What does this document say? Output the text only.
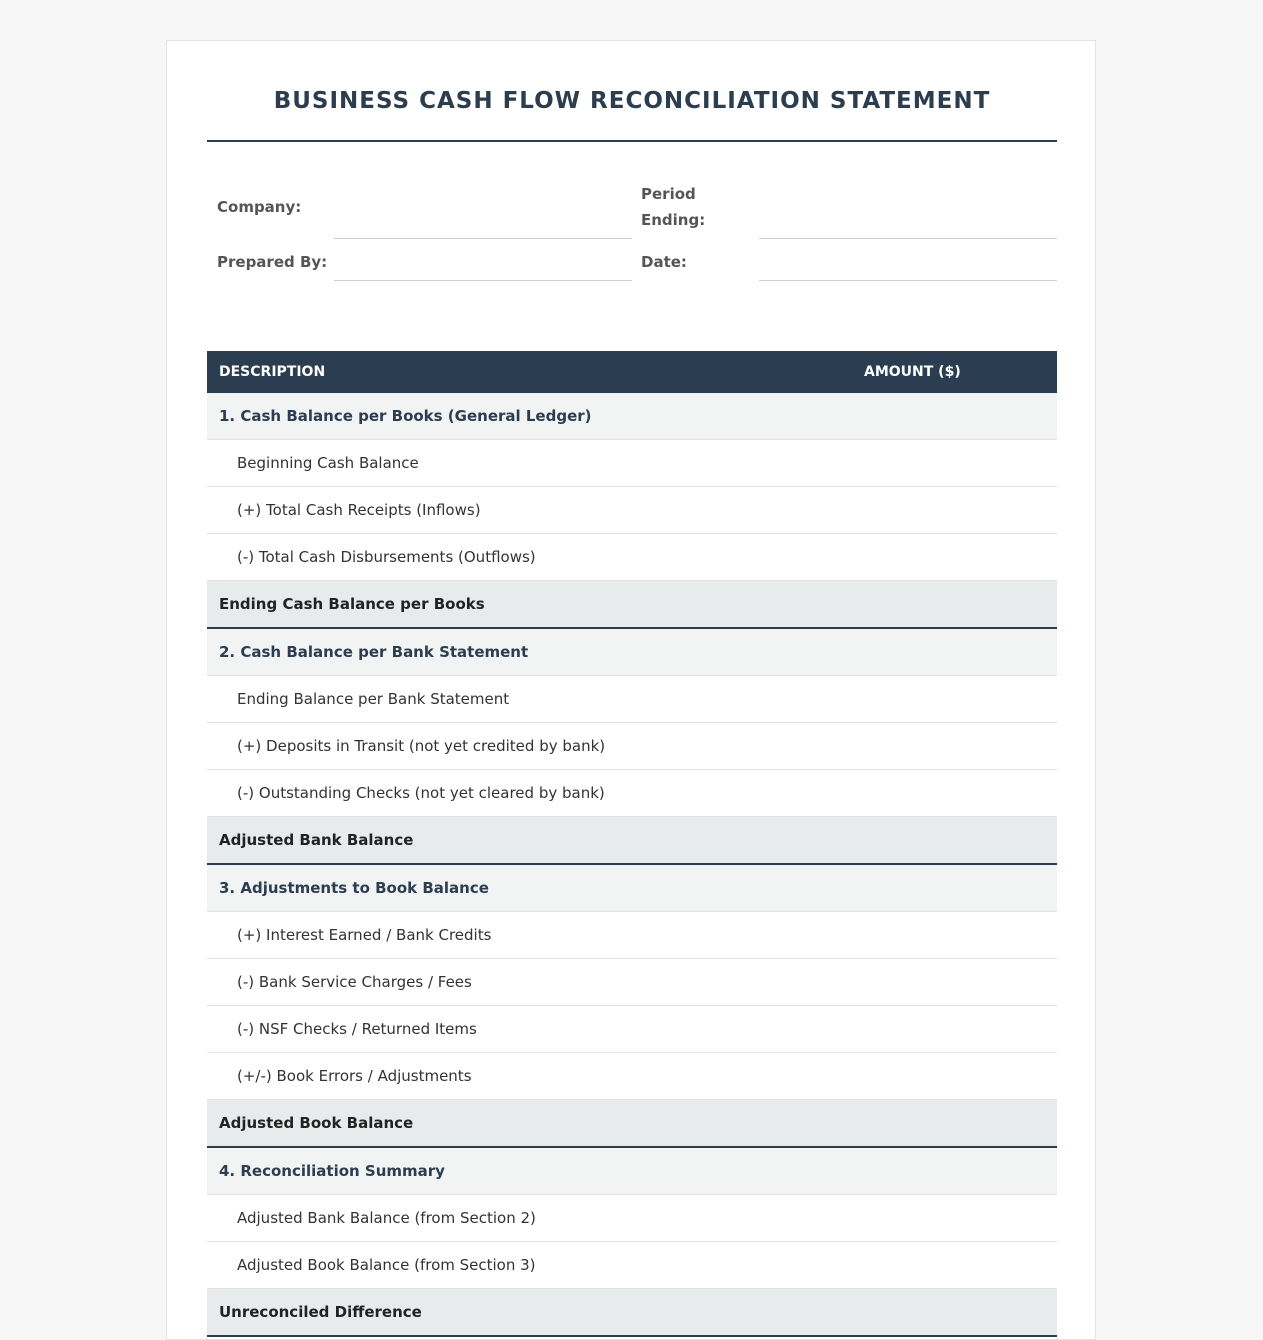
BUSINESS CASH FLOW RECONCILIATION STATEMENT
Company:
Period
Ending:
Prepared By:	Date:
DESCRIPTION	AMOUNT ($)
1. Cash Balance per Books (General Ledger)	
Beginning Cash Balance	
(+) Total Cash Receipts (Inflows)	
(-) Total Cash Disbursements (Outflows)	
Ending Cash Balance per Books	
2. Cash Balance per Bank Statement	
Ending Balance per Bank Statement	
(+) Deposits in Transit (not yet credited by bank)	
(-) Outstanding Checks (not yet cleared by bank)	
Adjusted Bank Balance	
3. Adjustments to Book Balance	
(+) Interest Earned / Bank Credits	
(-) Bank Service Charges / Fees	
(-) NSF Checks / Returned Items	
(+/-) Book Errors / Adjustments	
Adjusted Book Balance	
4. Reconciliation Summary	
Adjusted Bank Balance (from Section 2)	
Adjusted Book Balance (from Section 3)	
Unreconciled Difference	
